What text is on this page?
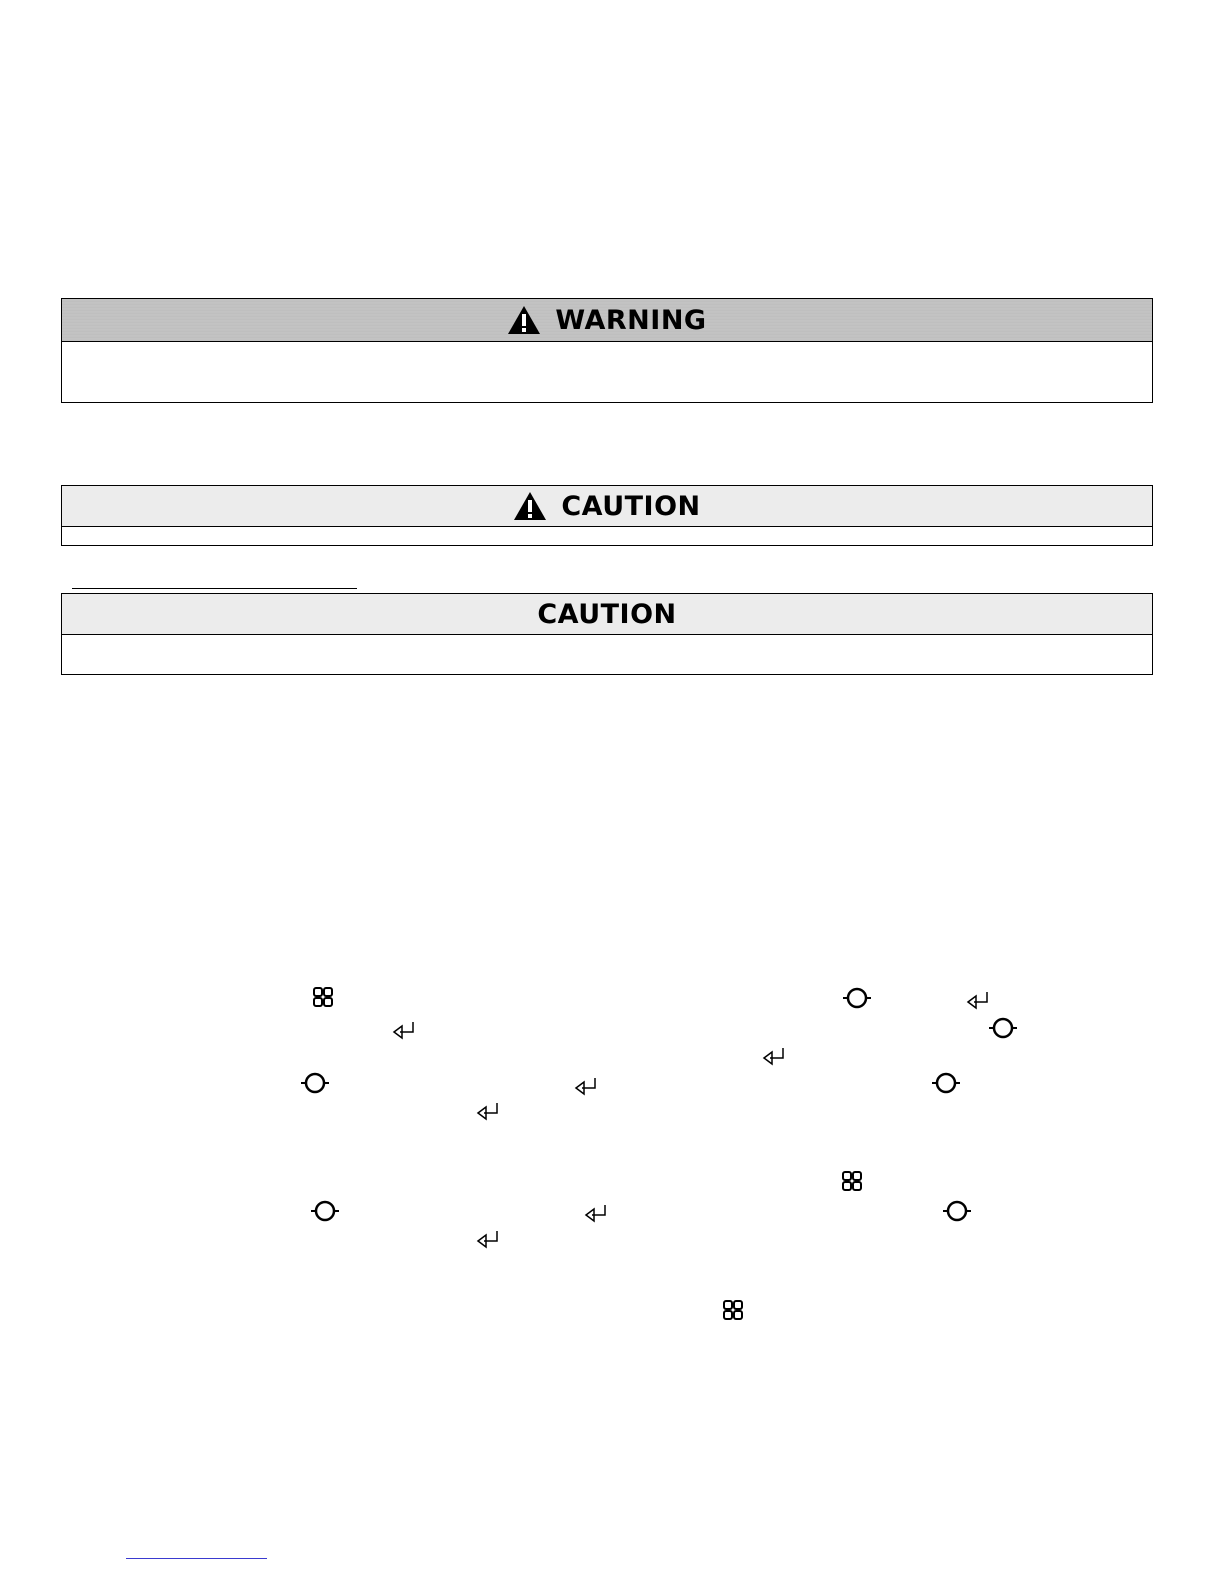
WARNING
CAUTION
CAUTION
